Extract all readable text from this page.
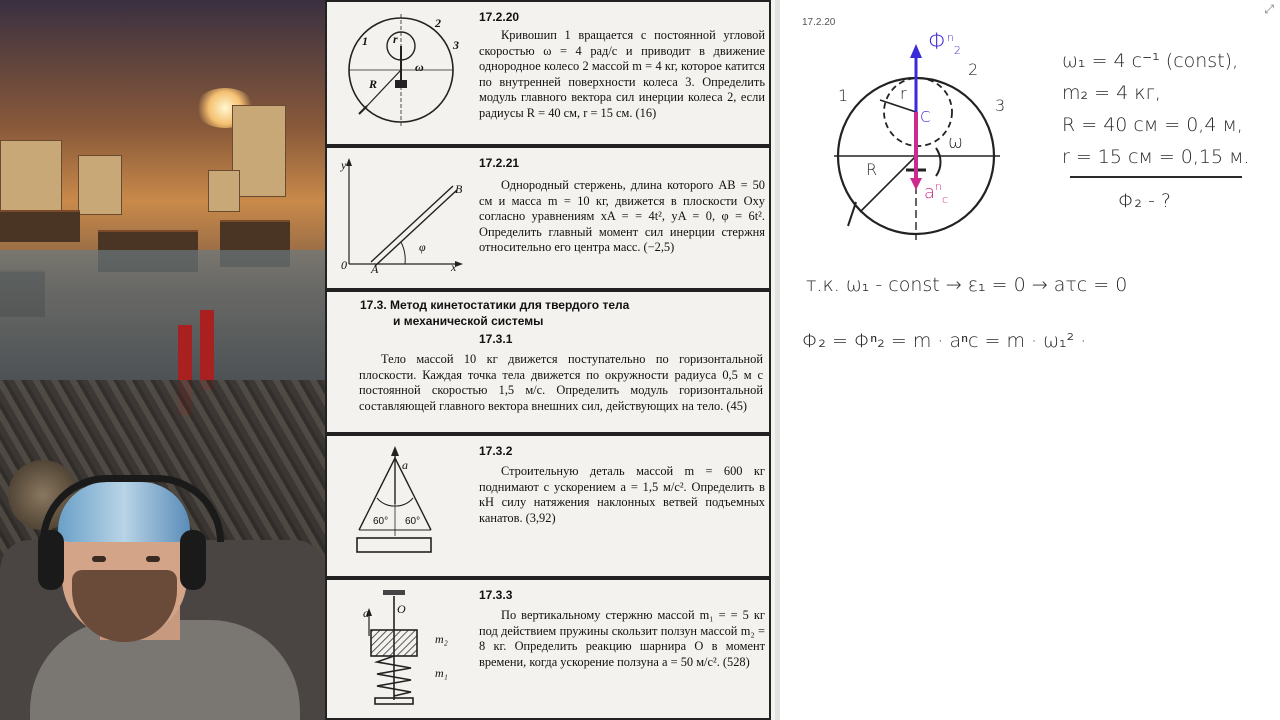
1
2
3
r
R
ω
17.2.20
Кривошип 1 вращается с постоянной угловой скоростью ω = 4 рад/с и приводит в движение однородное колесо 2 массой m = 4 кг, которое катится по внутренней поверхности колеса 3. Определить модуль главного вектора сил инерции колеса 2, если радиусы R = 40 см, r = 15 см. (16)
y
x
0 A
B
φ
17.2.21
Однородный стержень, длина которого AB = 50 см и масса m = 10 кг, движется в плоскости Oxy согласно уравнениям xA = = 4t², yA = 0, φ = 6t². Определить главный момент сил инерции стержня относительно его центра масс. (−2,5)
17.3. Метод кинетостатики для твердого тела
и механической системы
17.3.1
Тело массой 10 кг движется поступательно по горизонтальной плоскости. Каждая точка тела движется по окружности радиуса 0,5 м с постоянной скоростью 1,5 м/с. Определить модуль горизонтальной составляющей главного вектора внешних сил, действующих на тело. (45)
a
60° 60°
17.3.2
Строительную деталь массой m = 600 кг поднимают с ускорением a = 1,5 м/с². Определить в кН силу натяжения наклонных ветвей подъемных канатов. (3,92)
a O
m₂
m₁
17.3.3
По вертикальному стержню массой m₁ = = 5 кг под действием пружины скользит ползун массой m₂ = 8 кг. Определить реакцию шарнира O в момент времени, когда ускорение ползуна a = 50 м/с². (528)
17.2.20
⤢
$\Phi^n_2$
1
2
3
r
R
C
ω
$a^n_c$
ω₁ = 4 с⁻¹ (const),
m₂ = 4 кг,
R = 40 см = 0,4 м,
r = 15 см = 0,15 м.
Φ₂ - ?
т.к. ω₁ - const → ε₁ = 0 → aτc = 0
Φ₂ = Φⁿ₂ = m · aⁿc = m · ω₁² ·
